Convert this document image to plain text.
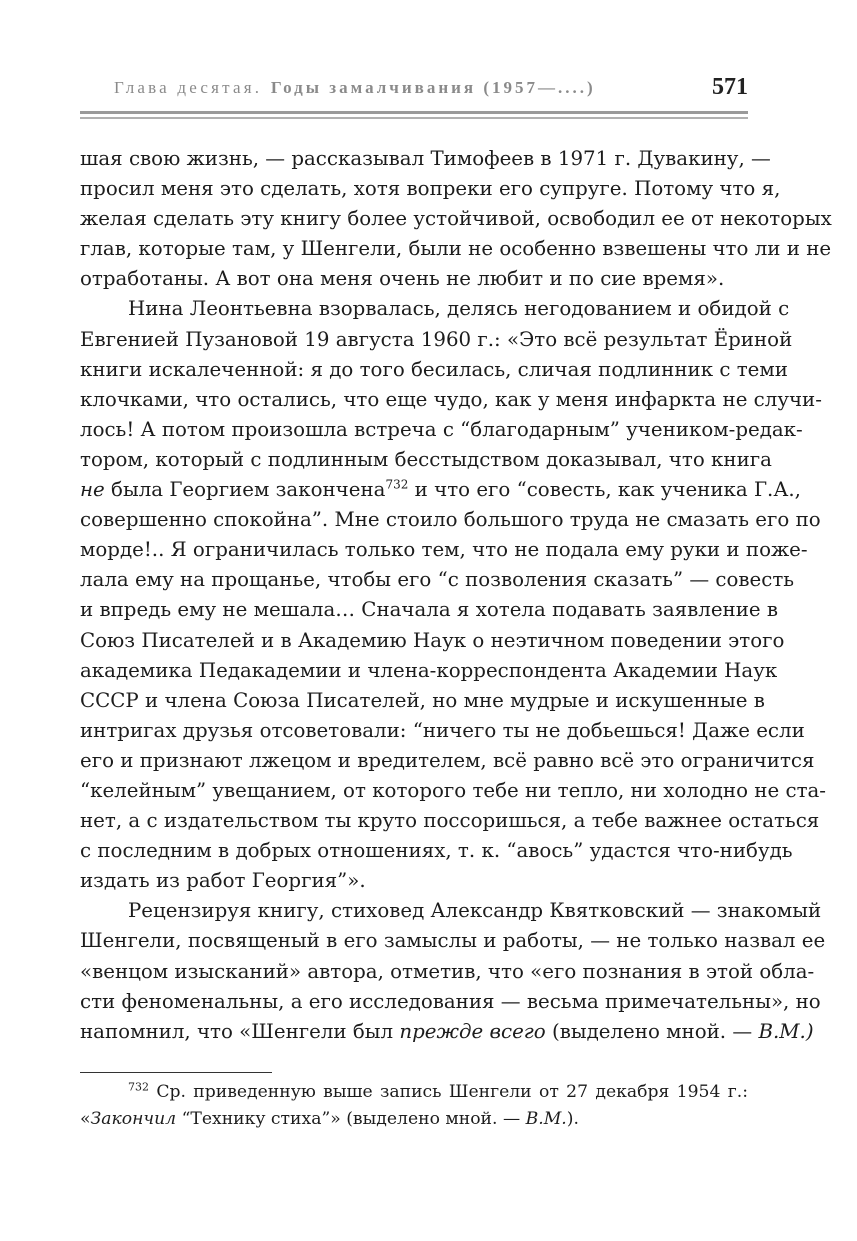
Глава десятая. Годы замалчивания (1957—....)	571
шая свою жизнь, — рассказывал Тимофеев в 1971 г. Дувакину, —
просил меня это сделать, хотя вопреки его супруге. Потому что я,
желая сделать эту книгу более устойчивой, освободил ее от некоторых
глав, которые там, у Шенгели, были не особенно взвешены что ли и не
отработаны. А вот она меня очень не любит и по сие время».
Нина Леонтьевна взорвалась, делясь негодованием и обидой с
Евгенией Пузановой 19 августа 1960 г.: «Это всё результат Ёриной
книги искалеченной: я до того бесилась, сличая подлинник с теми
клочками, что остались, что еще чудо, как у меня инфаркта не случи-
лось! А потом произошла встреча с “благодарным” учеником-редак-
тором, который с подлинным бесстыдством доказывал, что книга
не была Георгием закончена$^{732}$ и что его “совесть, как ученика Г.А.,
совершенно спокойна”. Мне стоило большого труда не смазать его по
морде!.. Я ограничилась только тем, что не подала ему руки и поже-
лала ему на прощанье, чтобы его “с позволения сказать” — совесть
и впредь ему не мешала… Сначала я хотела подавать заявление в
Союз Писателей и в Академию Наук о неэтичном поведении этого
академика Педакадемии и члена-корреспондента Академии Наук
СССР и члена Союза Писателей, но мне мудрые и искушенные в
интригах друзья отсоветовали: “ничего ты не добьешься! Даже если
его и признают лжецом и вредителем, всё равно всё это ограничится
“келейным” увещанием, от которого тебе ни тепло, ни холодно не ста-
нет, а с издательством ты круто поссоришься, а тебе важнее остаться
с последним в добрых отношениях, т. к. “авось” удастся что-нибудь
издать из работ Георгия”».
Рецензируя книгу, стиховед Александр Квятковский — знакомый
Шенгели, посвященый в его замыслы и работы, — не только назвал ее
«венцом изысканий» автора, отметив, что «его познания в этой обла-
сти феноменальны, а его исследования — весьма примечательны», но
напомнил, что «Шенгели был прежде всего (выделено мной. — В.М.)
$^{732}$ Ср. приведенную выше запись Шенгели от 27 декабря 1954 г.:
«Закончил “Технику стиха”» (выделено мной. — В.М.).
